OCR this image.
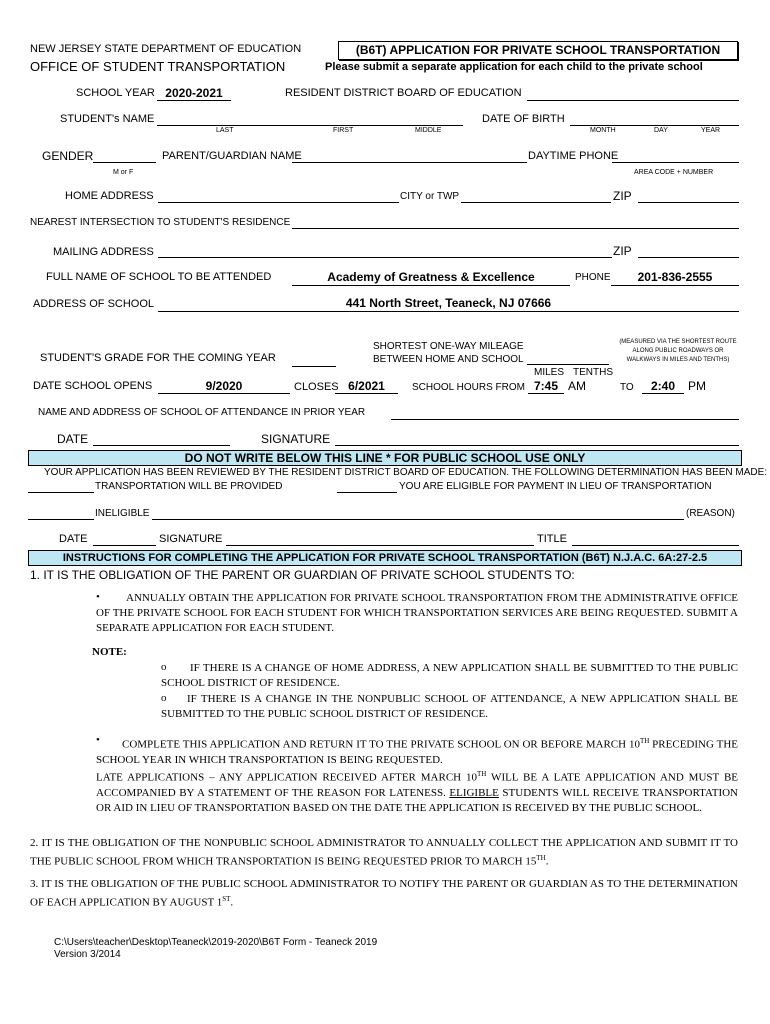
NEW JERSEY STATE DEPARTMENT OF EDUCATION
OFFICE OF STUDENT TRANSPORTATION
(B6T) APPLICATION FOR PRIVATE SCHOOL TRANSPORTATION
Please submit a separate application for each child to the private school
SCHOOL YEAR 2020-2021	RESIDENT DISTRICT BOARD OF EDUCATION
STUDENT's NAME
LAST	FIRST	MIDDLE
DATE OF BIRTH
MONTH	DAY	YEAR
GENDER
M or F
PARENT/GUARDIAN NAME	DAYTIME PHONE
AREA CODE + NUMBER
HOME ADDRESS	CITY or TWP	ZIP
NEAREST INTERSECTION TO STUDENT'S RESIDENCE
MAILING ADDRESS	ZIP
FULL NAME OF SCHOOL TO BE ATTENDED	Academy of Greatness & Excellence	PHONE	201-836-2555
ADDRESS OF SCHOOL	441 North Street, Teaneck, NJ 07666
SHORTEST ONE-WAY MILEAGE
BETWEEN HOME AND SCHOOL
(MEASURED VIA THE SHORTEST ROUTE
ALONG PUBLIC ROADWAYS OR
WALKWAYS IN MILES AND TENTHS)
STUDENT'S GRADE FOR THE COMING YEAR
MILES TENTHS
DATE SCHOOL OPENS	9/2020	CLOSES 6/2021	SCHOOL HOURS FROM 7:45 AM	TO	2:40	PM
NAME AND ADDRESS OF SCHOOL OF ATTENDANCE IN PRIOR YEAR
DATE	SIGNATURE
DO NOT WRITE BELOW THIS LINE * FOR PUBLIC SCHOOL USE ONLY
YOUR APPLICATION HAS BEEN REVIEWED BY THE RESIDENT DISTRICT BOARD OF EDUCATION. THE FOLLOWING DETERMINATION HAS BEEN MADE:
TRANSPORTATION WILL BE PROVIDED	YOU ARE ELIGIBLE FOR PAYMENT IN LIEU OF TRANSPORTATION
INELIGIBLE	(REASON)
DATE	SIGNATURE	TITLE
INSTRUCTIONS FOR COMPLETING THE APPLICATION FOR PRIVATE SCHOOL TRANSPORTATION (B6T) N.J.A.C. 6A:27-2.5
1. IT IS THE OBLIGATION OF THE PARENT OR GUARDIAN OF PRIVATE SCHOOL STUDENTS TO:
•	ANNUALLY OBTAIN THE APPLICATION FOR PRIVATE SCHOOL TRANSPORTATION FROM THE ADMINISTRATIVE OFFICE OF THE PRIVATE SCHOOL FOR EACH STUDENT FOR WHICH TRANSPORTATION SERVICES ARE BEING REQUESTED. SUBMIT A SEPARATE APPLICATION FOR EACH STUDENT.
NOTE:
o	IF THERE IS A CHANGE OF HOME ADDRESS, A NEW APPLICATION SHALL BE SUBMITTED TO THE PUBLIC SCHOOL DISTRICT OF RESIDENCE.
o	IF THERE IS A CHANGE IN THE NONPUBLIC SCHOOL OF ATTENDANCE, A NEW APPLICATION SHALL BE SUBMITTED TO THE PUBLIC SCHOOL DISTRICT OF RESIDENCE.
•	COMPLETE THIS APPLICATION AND RETURN IT TO THE PRIVATE SCHOOL ON OR BEFORE MARCH 10TH PRECEDING THE SCHOOL YEAR IN WHICH TRANSPORTATION IS BEING REQUESTED.
LATE APPLICATIONS – ANY APPLICATION RECEIVED AFTER MARCH 10TH WILL BE A LATE APPLICATION AND MUST BE ACCOMPANIED BY A STATEMENT OF THE REASON FOR LATENESS. ELIGIBLE STUDENTS WILL RECEIVE TRANSPORTATION OR AID IN LIEU OF TRANSPORTATION BASED ON THE DATE THE APPLICATION IS RECEIVED BY THE PUBLIC SCHOOL.
2. IT IS THE OBLIGATION OF THE NONPUBLIC SCHOOL ADMINISTRATOR TO ANNUALLY COLLECT THE APPLICATION AND SUBMIT IT TO THE PUBLIC SCHOOL FROM WHICH TRANSPORTATION IS BEING REQUESTED PRIOR TO MARCH 15TH.
3. IT IS THE OBLIGATION OF THE PUBLIC SCHOOL ADMINISTRATOR TO NOTIFY THE PARENT OR GUARDIAN AS TO THE DETERMINATION OF EACH APPLICATION BY AUGUST 1ST.
C:\Users\teacher\Desktop\Teaneck\2019-2020\B6T Form - Teaneck 2019
Version 3/2014
